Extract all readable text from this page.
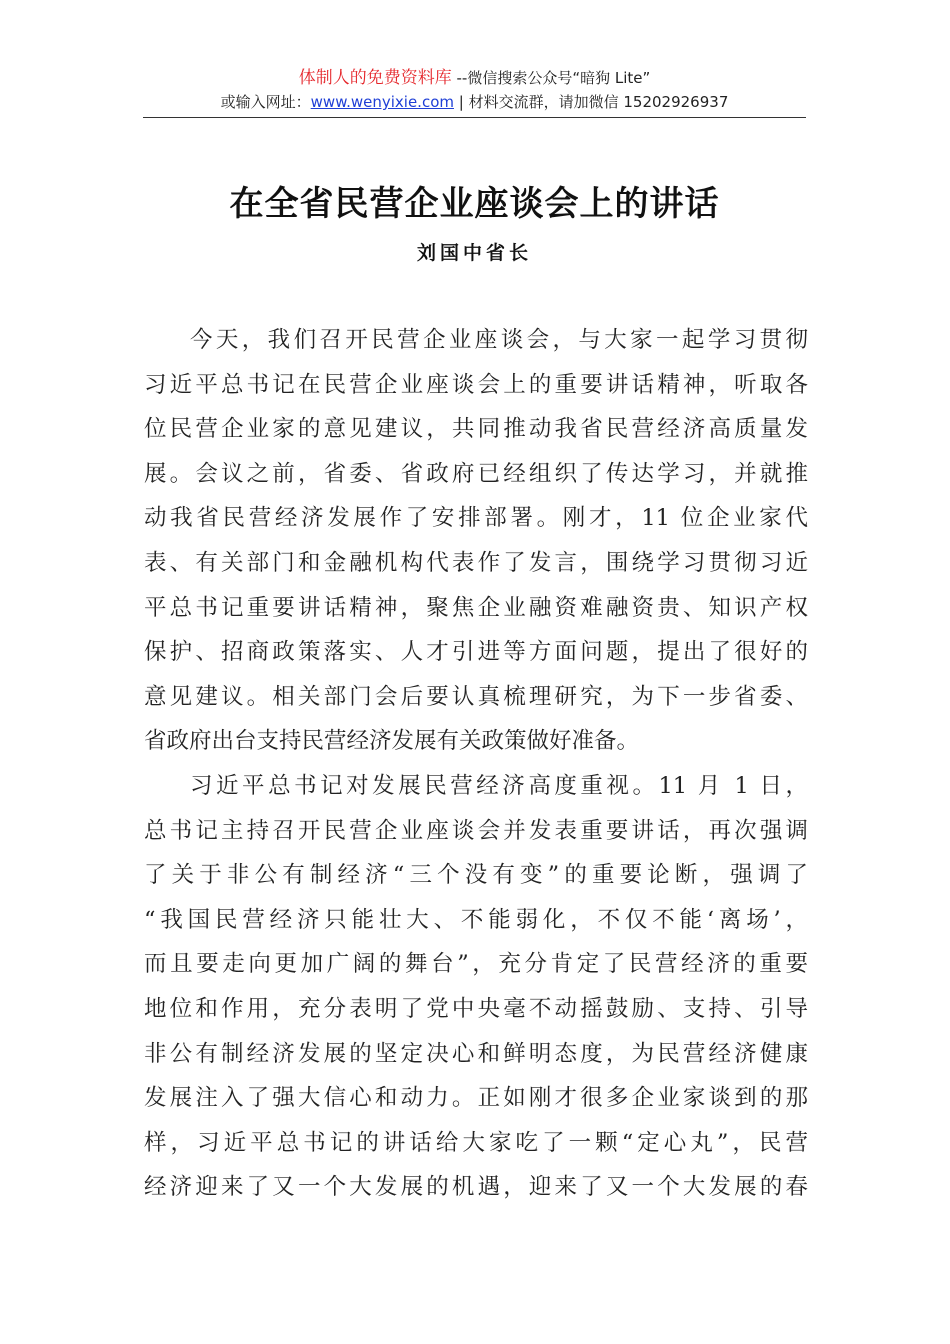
体制人的免费资料库 --微信搜索公众号“暗狗 Lite”
或输入网址：www.wenyixie.com | 材料交流群，请加微信 15202926937
在全省民营企业座谈会上的讲话
刘国中省长
今天，我们召开民营企业座谈会，与大家一起学习贯彻
习近平总书记在民营企业座谈会上的重要讲话精神，听取各
位民营企业家的意见建议，共同推动我省民营经济高质量发
展。会议之前，省委、省政府已经组织了传达学习，并就推
动我省民营经济发展作了安排部署。刚才，11 位企业家代
表、有关部门和金融机构代表作了发言，围绕学习贯彻习近
平总书记重要讲话精神，聚焦企业融资难融资贵、知识产权
保护、招商政策落实、人才引进等方面问题，提出了很好的
意见建议。相关部门会后要认真梳理研究，为下一步省委、
省政府出台支持民营经济发展有关政策做好准备。
习近平总书记对发展民营经济高度重视。11 月 1 日，
总书记主持召开民营企业座谈会并发表重要讲话，再次强调
了关于非公有制经济“三个没有变”的重要论断，强调了
“我国民营经济只能壮大、不能弱化，不仅不能‘离场’，
而且要走向更加广阔的舞台”，充分肯定了民营经济的重要
地位和作用，充分表明了党中央毫不动摇鼓励、支持、引导
非公有制经济发展的坚定决心和鲜明态度，为民营经济健康
发展注入了强大信心和动力。正如刚才很多企业家谈到的那
样，习近平总书记的讲话给大家吃了一颗“定心丸”，民营
经济迎来了又一个大发展的机遇，迎来了又一个大发展的春
